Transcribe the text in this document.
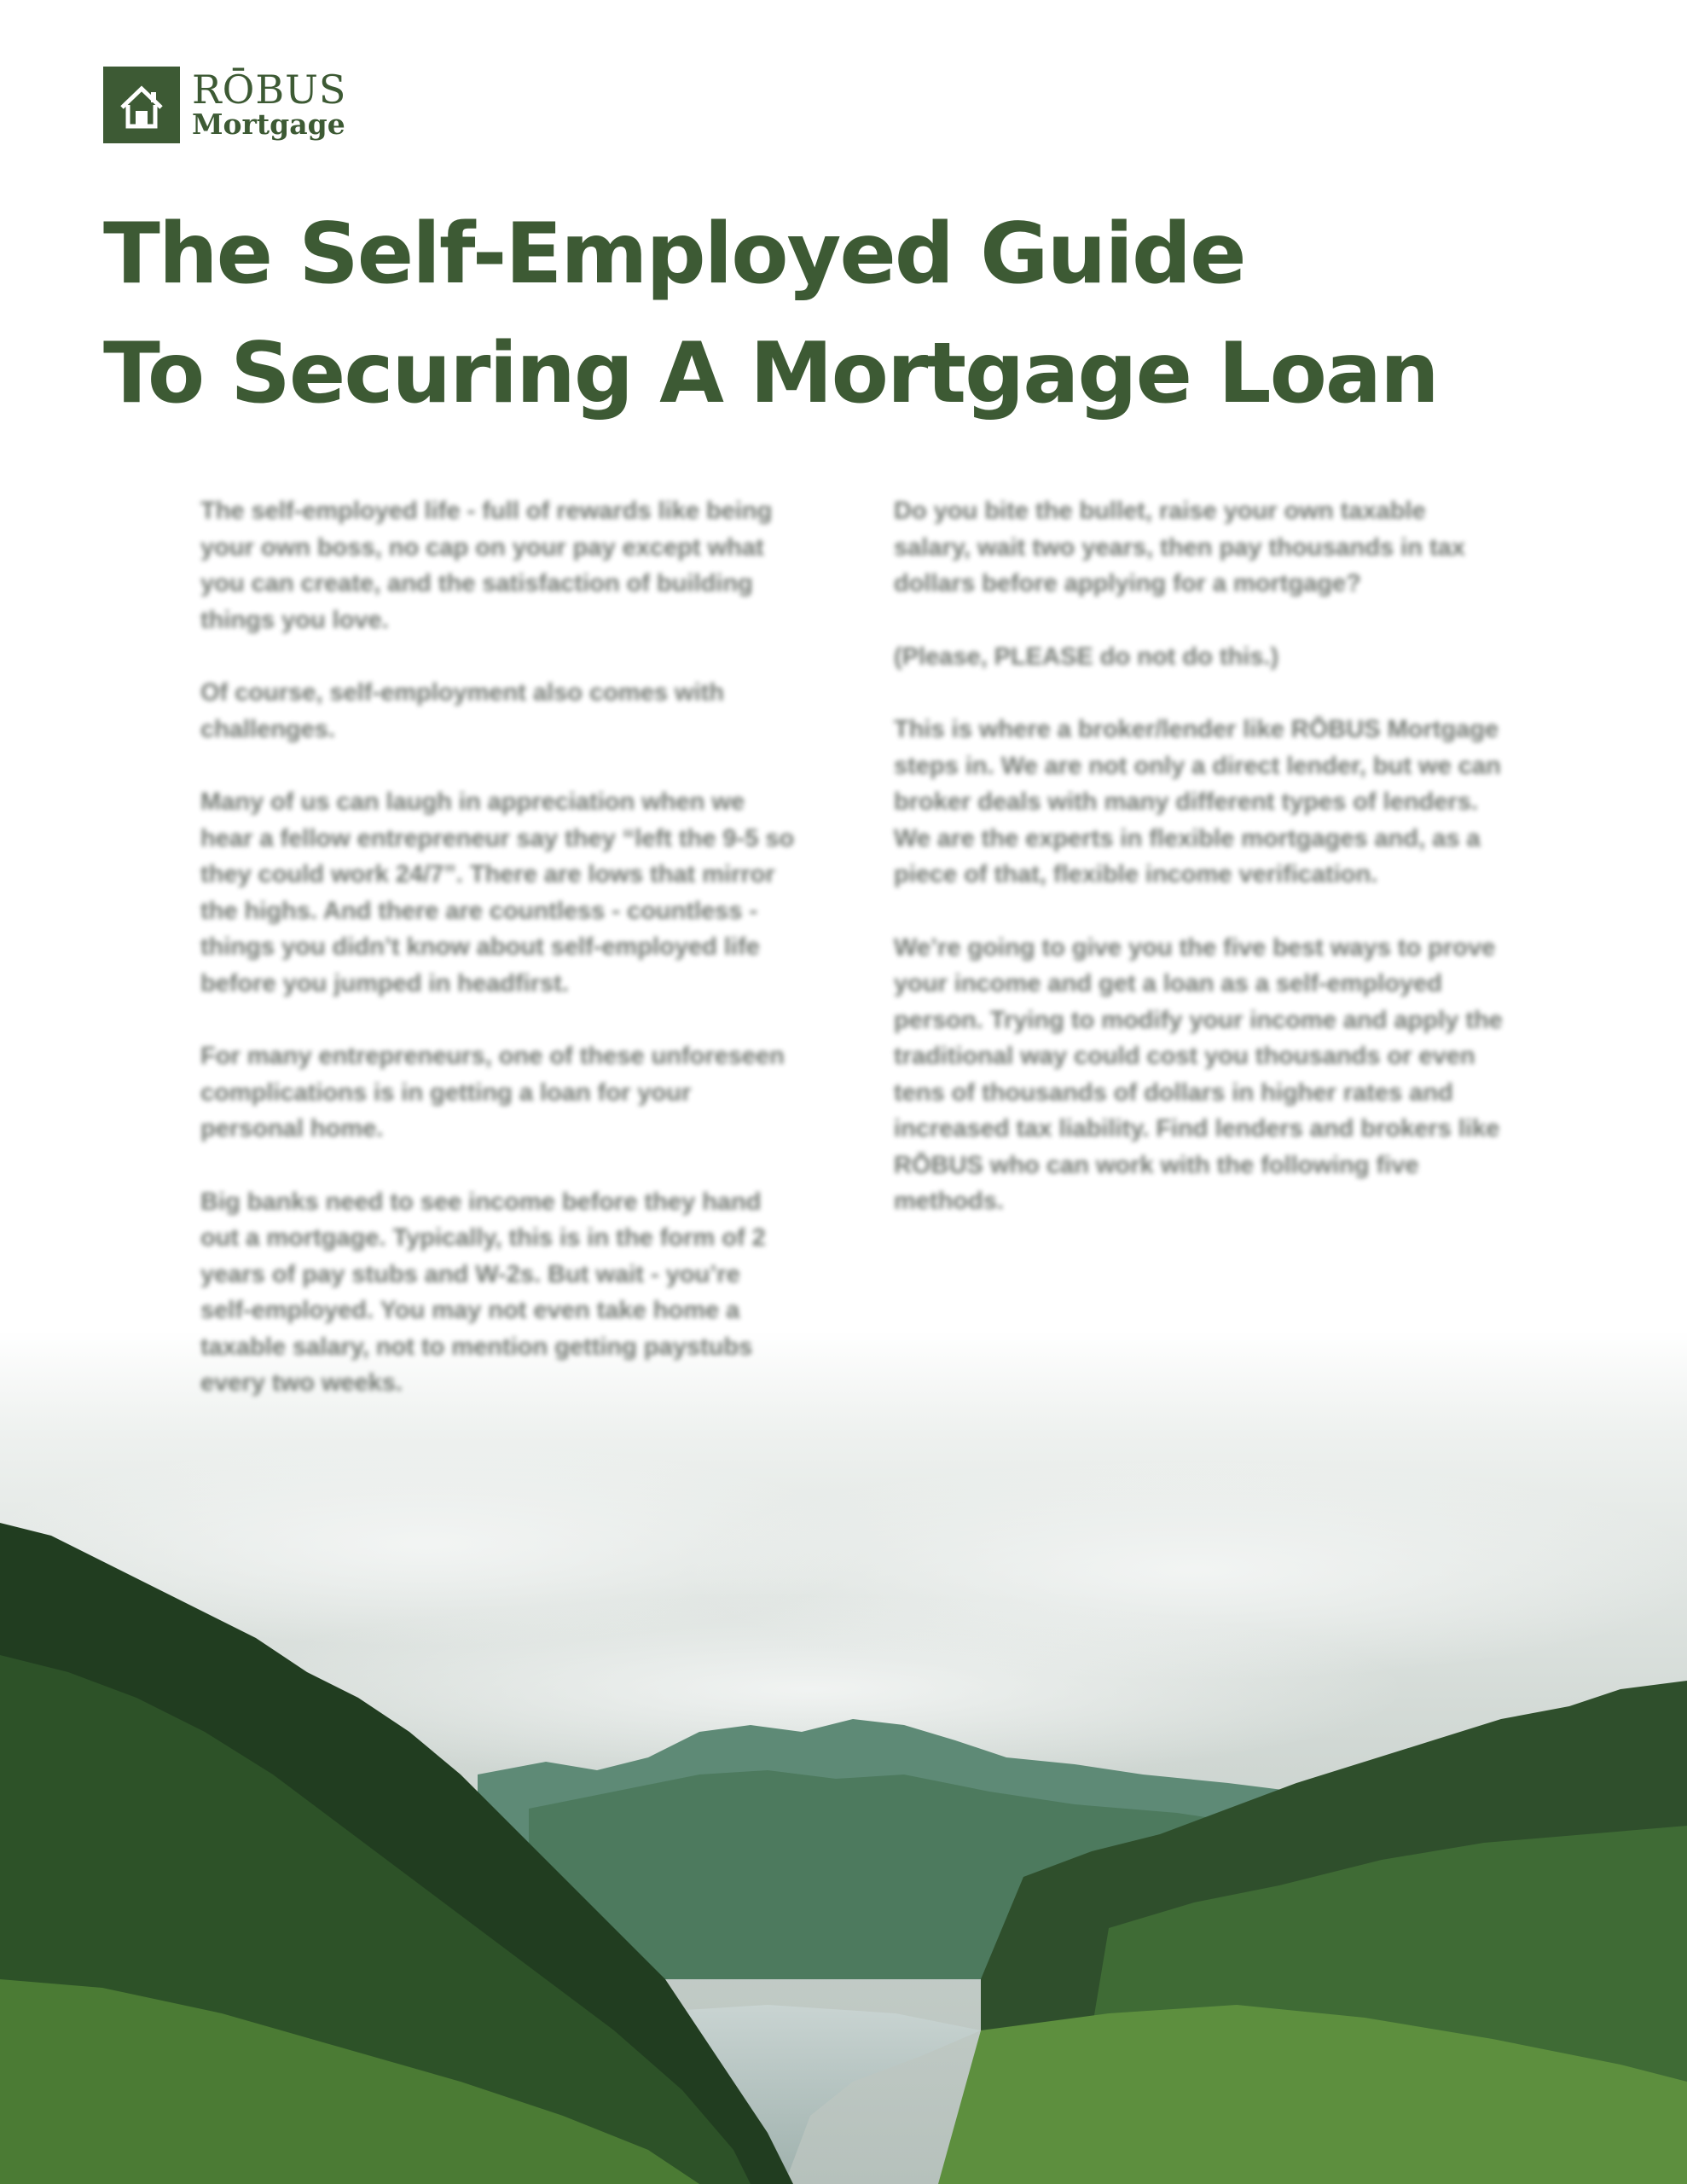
RŌBUS
Mortgage
The Self-Employed Guide
To Securing A Mortgage Loan

The self-employed life - full of rewards like being your own boss, no cap on your pay except what you can create, and the satisfaction of building things you love.

Of course, self-employment also comes with challenges.

Many of us can laugh in appreciation when we hear a fellow entrepreneur say they “left the 9-5 so they could work 24/7”. There are lows that mirror the highs. And there are countless - countless - things you didn’t know about self-employed life before you jumped in headfirst.

For many entrepreneurs, one of these unforeseen complications is in getting a loan for your personal home.

Big banks need to see income before they hand out a mortgage. Typically, this is in the form of 2 years of pay stubs and W-2s. But wait - you’re self-employed. You may not even take home a taxable salary, not to mention getting paystubs every two weeks.

Do you bite the bullet, raise your own taxable salary, wait two years, then pay thousands in tax dollars before applying for a mortgage?

(Please, PLEASE do not do this.)

This is where a broker/lender like RŌBUS Mortgage steps in. We are not only a direct lender, but we can broker deals with many different types of lenders. We are the experts in flexible mortgages and, as a piece of that, flexible income verification.

We’re going to give you the five best ways to prove your income and get a loan as a self-employed person. Trying to modify your income and apply the traditional way could cost you thousands or even tens of thousands of dollars in higher rates and increased tax liability. Find lenders and brokers like RŌBUS who can work with the following five methods.
